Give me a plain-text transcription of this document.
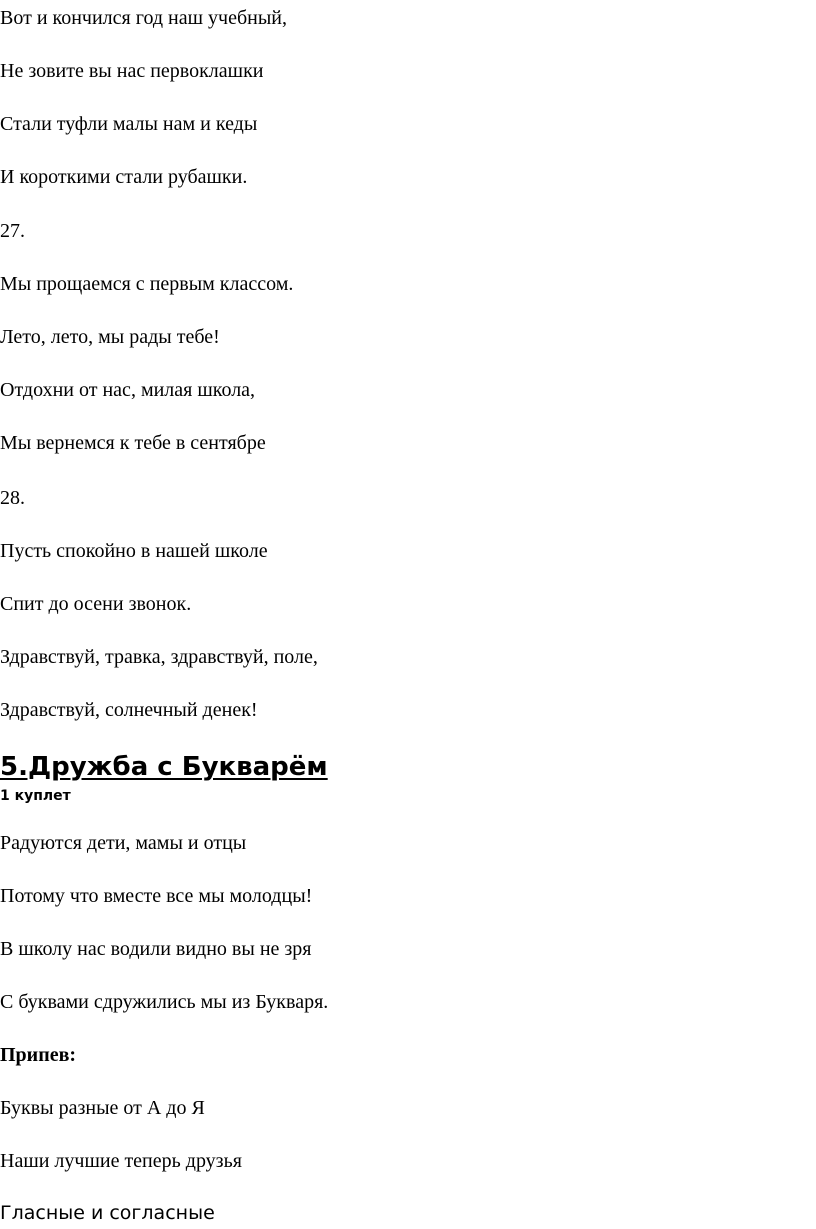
Вот и кончился год наш учебный,

Не зовите вы нас первоклашки

Стали туфли малы нам и кеды

И короткими стали рубашки.

27.

Мы прощаемся с первым классом.

Лето, лето, мы рады тебе!

Отдохни от нас, милая школа,

Мы вернемся к тебе в сентябре

28.

Пусть спокойно в нашей школе

Спит до осени звонок.

Здравствуй, травка, здравствуй, поле,

Здравствуй, солнечный денек!

5.Дружба с Букварём

1 куплет

Радуются дети, мамы и отцы

Потому что вместе все мы молодцы!

В школу нас водили видно вы не зря

С буквами сдружились мы из Букваря.

Припев:

Буквы разные от А до Я

Наши лучшие теперь друзья

Гласные и согласные
